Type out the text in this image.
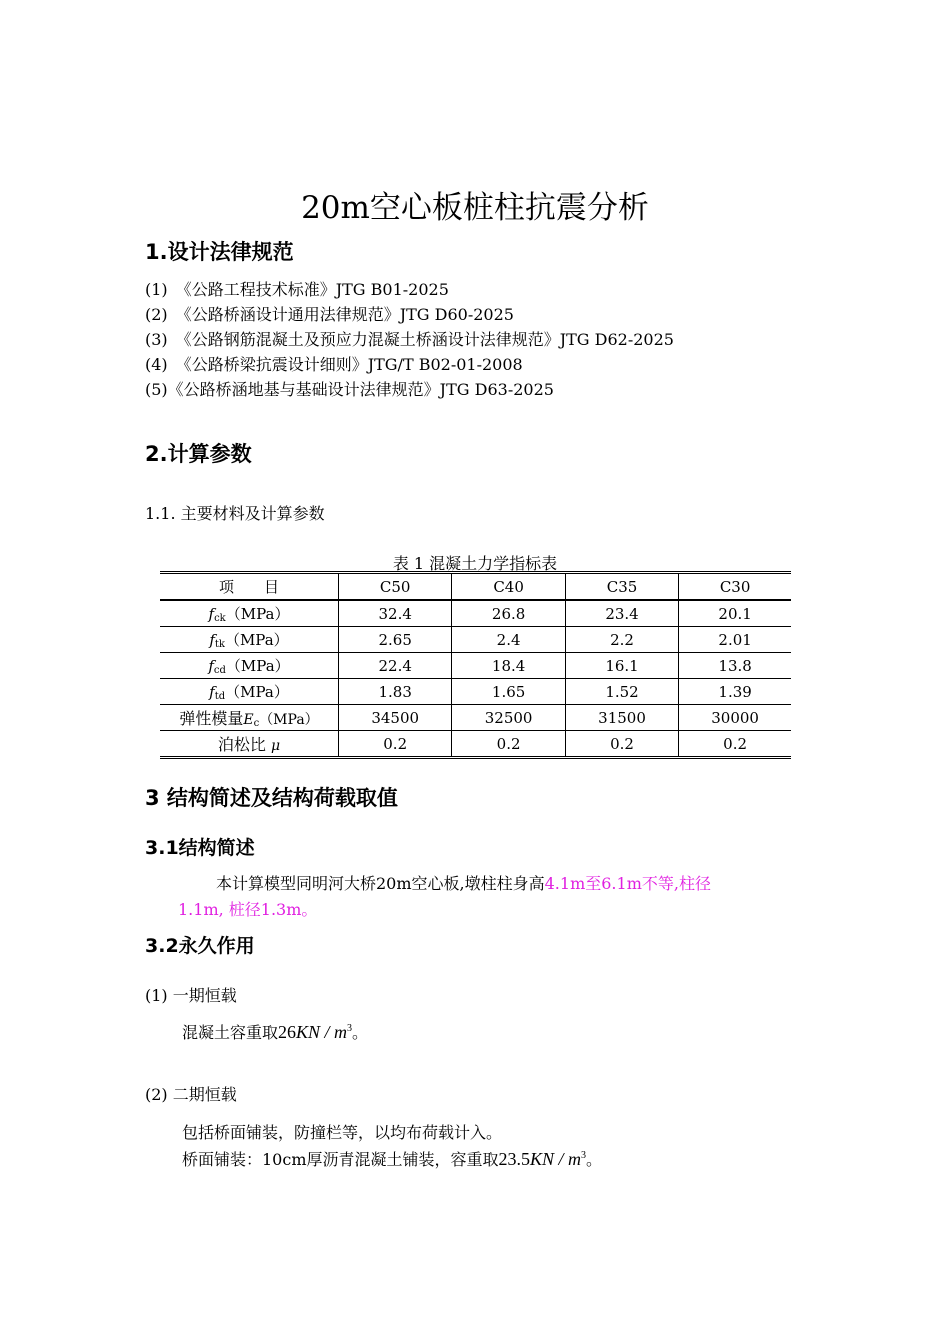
20m空心板桩柱抗震分析
1.设计法律规范
(1)　 《公路工程技术标准》JTG B01-2025
(2)　 《公路桥涵设计通用法律规范》JTG D60-2025
(3)　 《公路钢筋混凝土及预应力混凝土桥涵设计法律规范》JTG D62-2025
(4)　 《公路桥梁抗震设计细则》JTG/T B02-01-2008
(5)《公路桥涵地基与基础设计法律规范》JTG D63-2025
2.计算参数
1.1. 主要材料及计算参数
表 1 混凝土力学指标表
项　　目	C50	C40	C35	C30
$f_{ck}(MPa)$	32.4	26.8	23.4	20.1
$f_{tk}(MPa)$	2.65	2.4	2.2	2.01
$f_{cd}(MPa)$	22.4	18.4	16.1	13.8
$f_{td}(MPa)$	1.83	1.65	1.52	1.39
弹性模量$E_c(MPa)$	34500	32500	31500	30000
泊松比 μ	0.2	0.2	0.2	0.2
3 结构简述及结构荷载取值
3.1结构简述
本计算模型同明河大桥20m空心板,墩柱柱身高4.1m至6.1m不等,柱径
1.1m, 桩径1.3m。
3.2永久作用
(1) 一期恒载
混凝土容重取$26KN / m^3$。
(2) 二期恒载
包括桥面铺装，防撞栏等，以均布荷载计入。
桥面铺装：10cm厚沥青混凝土铺装，容重取$23.5KN / m^3$。
